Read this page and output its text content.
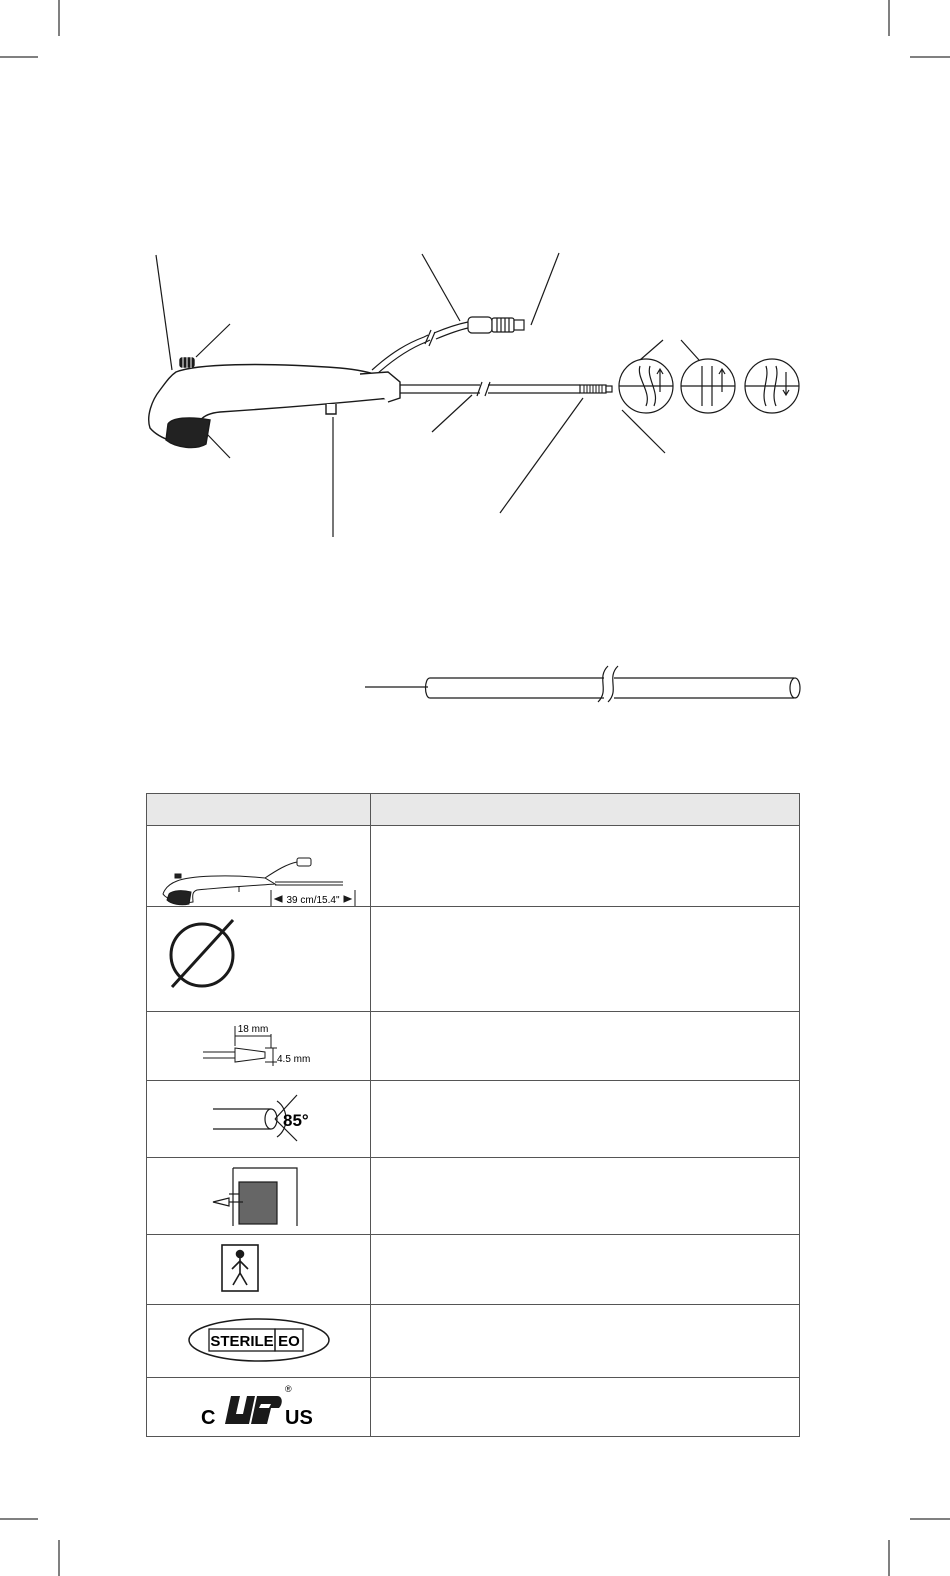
39 cm/15.4"	

18 mm
4.5 mm	

85°	

STERILE EO	

C US
®	
